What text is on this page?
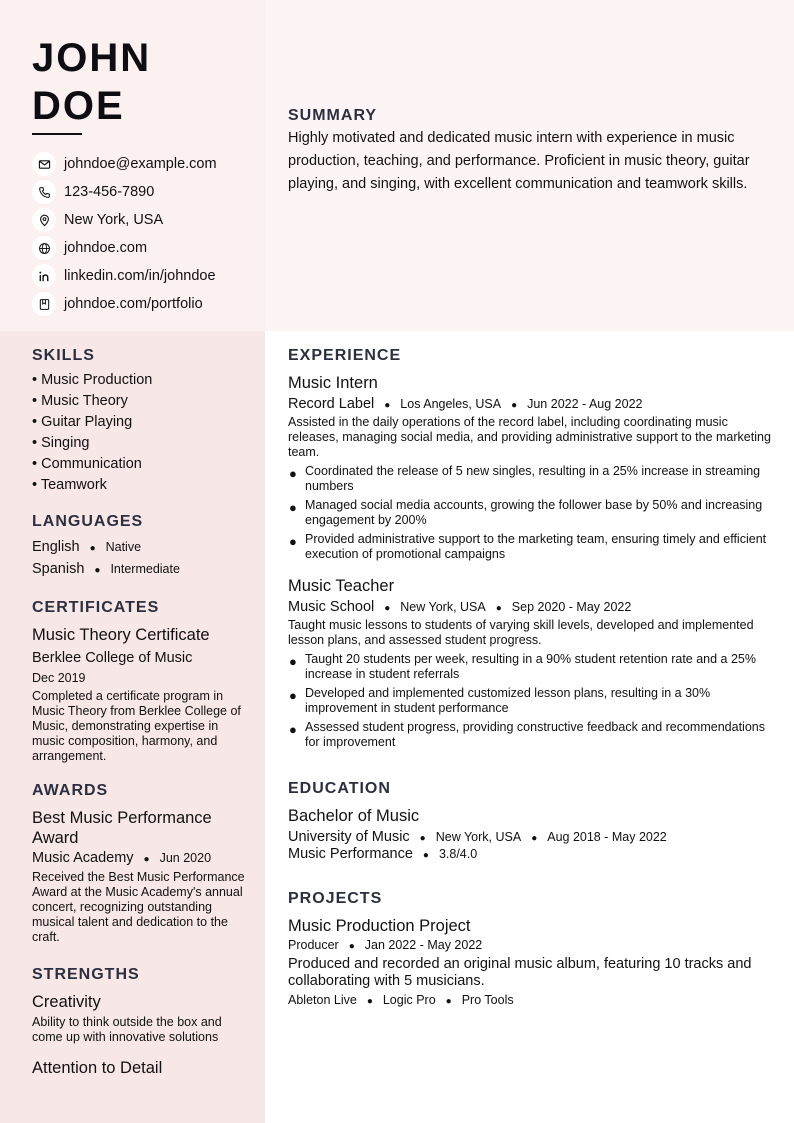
JOHN
DOE
johndoe@example.com
123-456-7890
New York, USA
johndoe.com
linkedin.com/in/johndoe
johndoe.com/portfolio
SUMMARY

Highly motivated and dedicated music intern with experience in music production, teaching, and performance. Proficient in music theory, guitar playing, and singing, with excellent communication and teamwork skills.

SKILLS
• Music Production
• Music Theory
• Guitar Playing
• Singing
• Communication
• Teamwork
LANGUAGES
English ● Native
Spanish ● Intermediate
CERTIFICATES
Music Theory Certificate
Berklee College of Music
Dec 2019
Completed a certificate program in Music Theory from Berklee College of Music, demonstrating expertise in music composition, harmony, and arrangement.
AWARDS
Best Music Performance Award
Music Academy ● Jun 2020
Received the Best Music Performance Award at the Music Academy's annual concert, recognizing outstanding musical talent and dedication to the craft.
STRENGTHS
Creativity
Ability to think outside the box and come up with innovative solutions
Attention to Detail
EXPERIENCE
Music Intern
Record Label ● Los Angeles, USA ● Jun 2022 - Aug 2022
Assisted in the daily operations of the record label, including coordinating music releases, managing social media, and providing administrative support to the marketing team.
● Coordinated the release of 5 new singles, resulting in a 25% increase in streaming numbers
● Managed social media accounts, growing the follower base by 50% and increasing engagement by 200%
● Provided administrative support to the marketing team, ensuring timely and efficient execution of promotional campaigns
Music Teacher
Music School ● New York, USA ● Sep 2020 - May 2022
Taught music lessons to students of varying skill levels, developed and implemented lesson plans, and assessed student progress.
● Taught 20 students per week, resulting in a 90% student retention rate and a 25% increase in student referrals
● Developed and implemented customized lesson plans, resulting in a 30% improvement in student performance
● Assessed student progress, providing constructive feedback and recommendations for improvement
EDUCATION
Bachelor of Music
University of Music ● New York, USA ● Aug 2018 - May 2022
Music Performance ● 3.8/4.0
PROJECTS
Music Production Project
Producer ● Jan 2022 - May 2022
Produced and recorded an original music album, featuring 10 tracks and collaborating with 5 musicians.
Ableton Live ● Logic Pro ● Pro Tools
